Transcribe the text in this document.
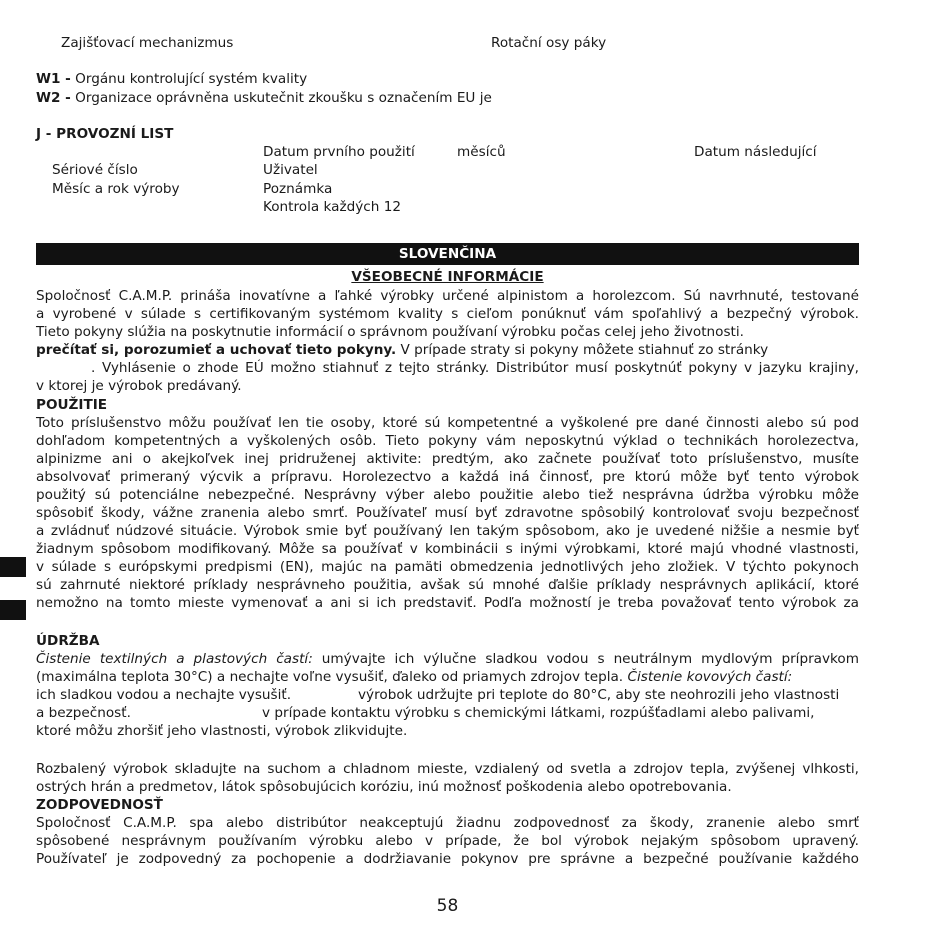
Zajišťovací mechanizmus	Rotační osy páky
W1 - Orgánu kontrolující systém kvality
W2 - Organizace oprávněna uskutečnit zkoušku s označením EU je
J - PROVOZNÍ LIST
Datum prvního použití	měsíců	Datum následující
Sériové číslo	Uživatel
Měsíc a rok výroby	Poznámka
Kontrola každých 12
SLOVENČINA
VŠEOBECNÉ INFORMÁCIE
Spoločnosť C.A.M.P. prináša inovatívne a ľahké výrobky určené alpinistom a horolezcom. Sú navrhnuté, testované
a vyrobené v súlade s certifikovaným systémom kvality s cieľom ponúknuť vám spoľahlivý a bezpečný výrobok.
Tieto pokyny slúžia na poskytnutie informácií o správnom používaní výrobku počas celej jeho životnosti.
prečítať si, porozumieť a uchovať tieto pokyny. V prípade straty si pokyny môžete stiahnuť zo stránky
. Vyhlásenie o zhode EÚ možno stiahnuť z tejto stránky. Distribútor musí poskytnúť pokyny v jazyku krajiny,
v ktorej je výrobok predávaný.
POUŽITIE
Toto príslušenstvo môžu používať len tie osoby, ktoré sú kompetentné a vyškolené pre dané činnosti alebo sú pod
dohľadom kompetentných a vyškolených osôb. Tieto pokyny vám neposkytnú výklad o technikách horolezectva,
alpinizme ani o akejkoľvek inej pridruženej aktivite: predtým, ako začnete používať toto príslušenstvo, musíte
absolvovať primeraný výcvik a prípravu. Horolezectvo a každá iná činnosť, pre ktorú môže byť tento výrobok
použitý sú potenciálne nebezpečné. Nesprávny výber alebo použitie alebo tiež nesprávna údržba výrobku môže
spôsobiť škody, vážne zranenia alebo smrť. Používateľ musí byť zdravotne spôsobilý kontrolovať svoju bezpečnosť
a zvládnuť núdzové situácie. Výrobok smie byť používaný len takým spôsobom, ako je uvedené nižšie a nesmie byť
žiadnym spôsobom modifikovaný. Môže sa používať v kombinácii s inými výrobkami, ktoré majú vhodné vlastnosti,
v súlade s európskymi predpismi (EN), majúc na pamäti obmedzenia jednotlivých jeho zložiek. V týchto pokynoch
sú zahrnuté niektoré príklady nesprávneho použitia, avšak sú mnohé ďalšie príklady nesprávnych aplikácií, ktoré
nemožno na tomto mieste vymenovať a ani si ich predstaviť. Podľa možností je treba považovať tento výrobok za
ÚDRŽBA
Čistenie textilných a plastových častí: umývajte ich výlučne sladkou vodou s neutrálnym mydlovým prípravkom
(maximálna teplota 30°C) a nechajte voľne vysušiť, ďaleko od priamych zdrojov tepla. Čistenie kovových častí:
ich sladkou vodou a nechajte vysušiť.	výrobok udržujte pri teplote do 80°C, aby ste neohrozili jeho vlastnosti
a bezpečnosť.	v prípade kontaktu výrobku s chemickými látkami, rozpúšťadlami alebo palivami,
ktoré môžu zhoršiť jeho vlastnosti, výrobok zlikvidujte.
Rozbalený výrobok skladujte na suchom a chladnom mieste, vzdialený od svetla a zdrojov tepla, zvýšenej vlhkosti,
ostrých hrán a predmetov, látok spôsobujúcich koróziu, inú možnosť poškodenia alebo opotrebovania.
ZODPOVEDNOSŤ
Spoločnosť C.A.M.P. spa alebo distribútor neakceptujú žiadnu zodpovednosť za škody, zranenie alebo smrť
spôsobené nesprávnym používaním výrobku alebo v prípade, že bol výrobok nejakým spôsobom upravený.
Používateľ je zodpovedný za pochopenie a dodržiavanie pokynov pre správne a bezpečné používanie každého
58
